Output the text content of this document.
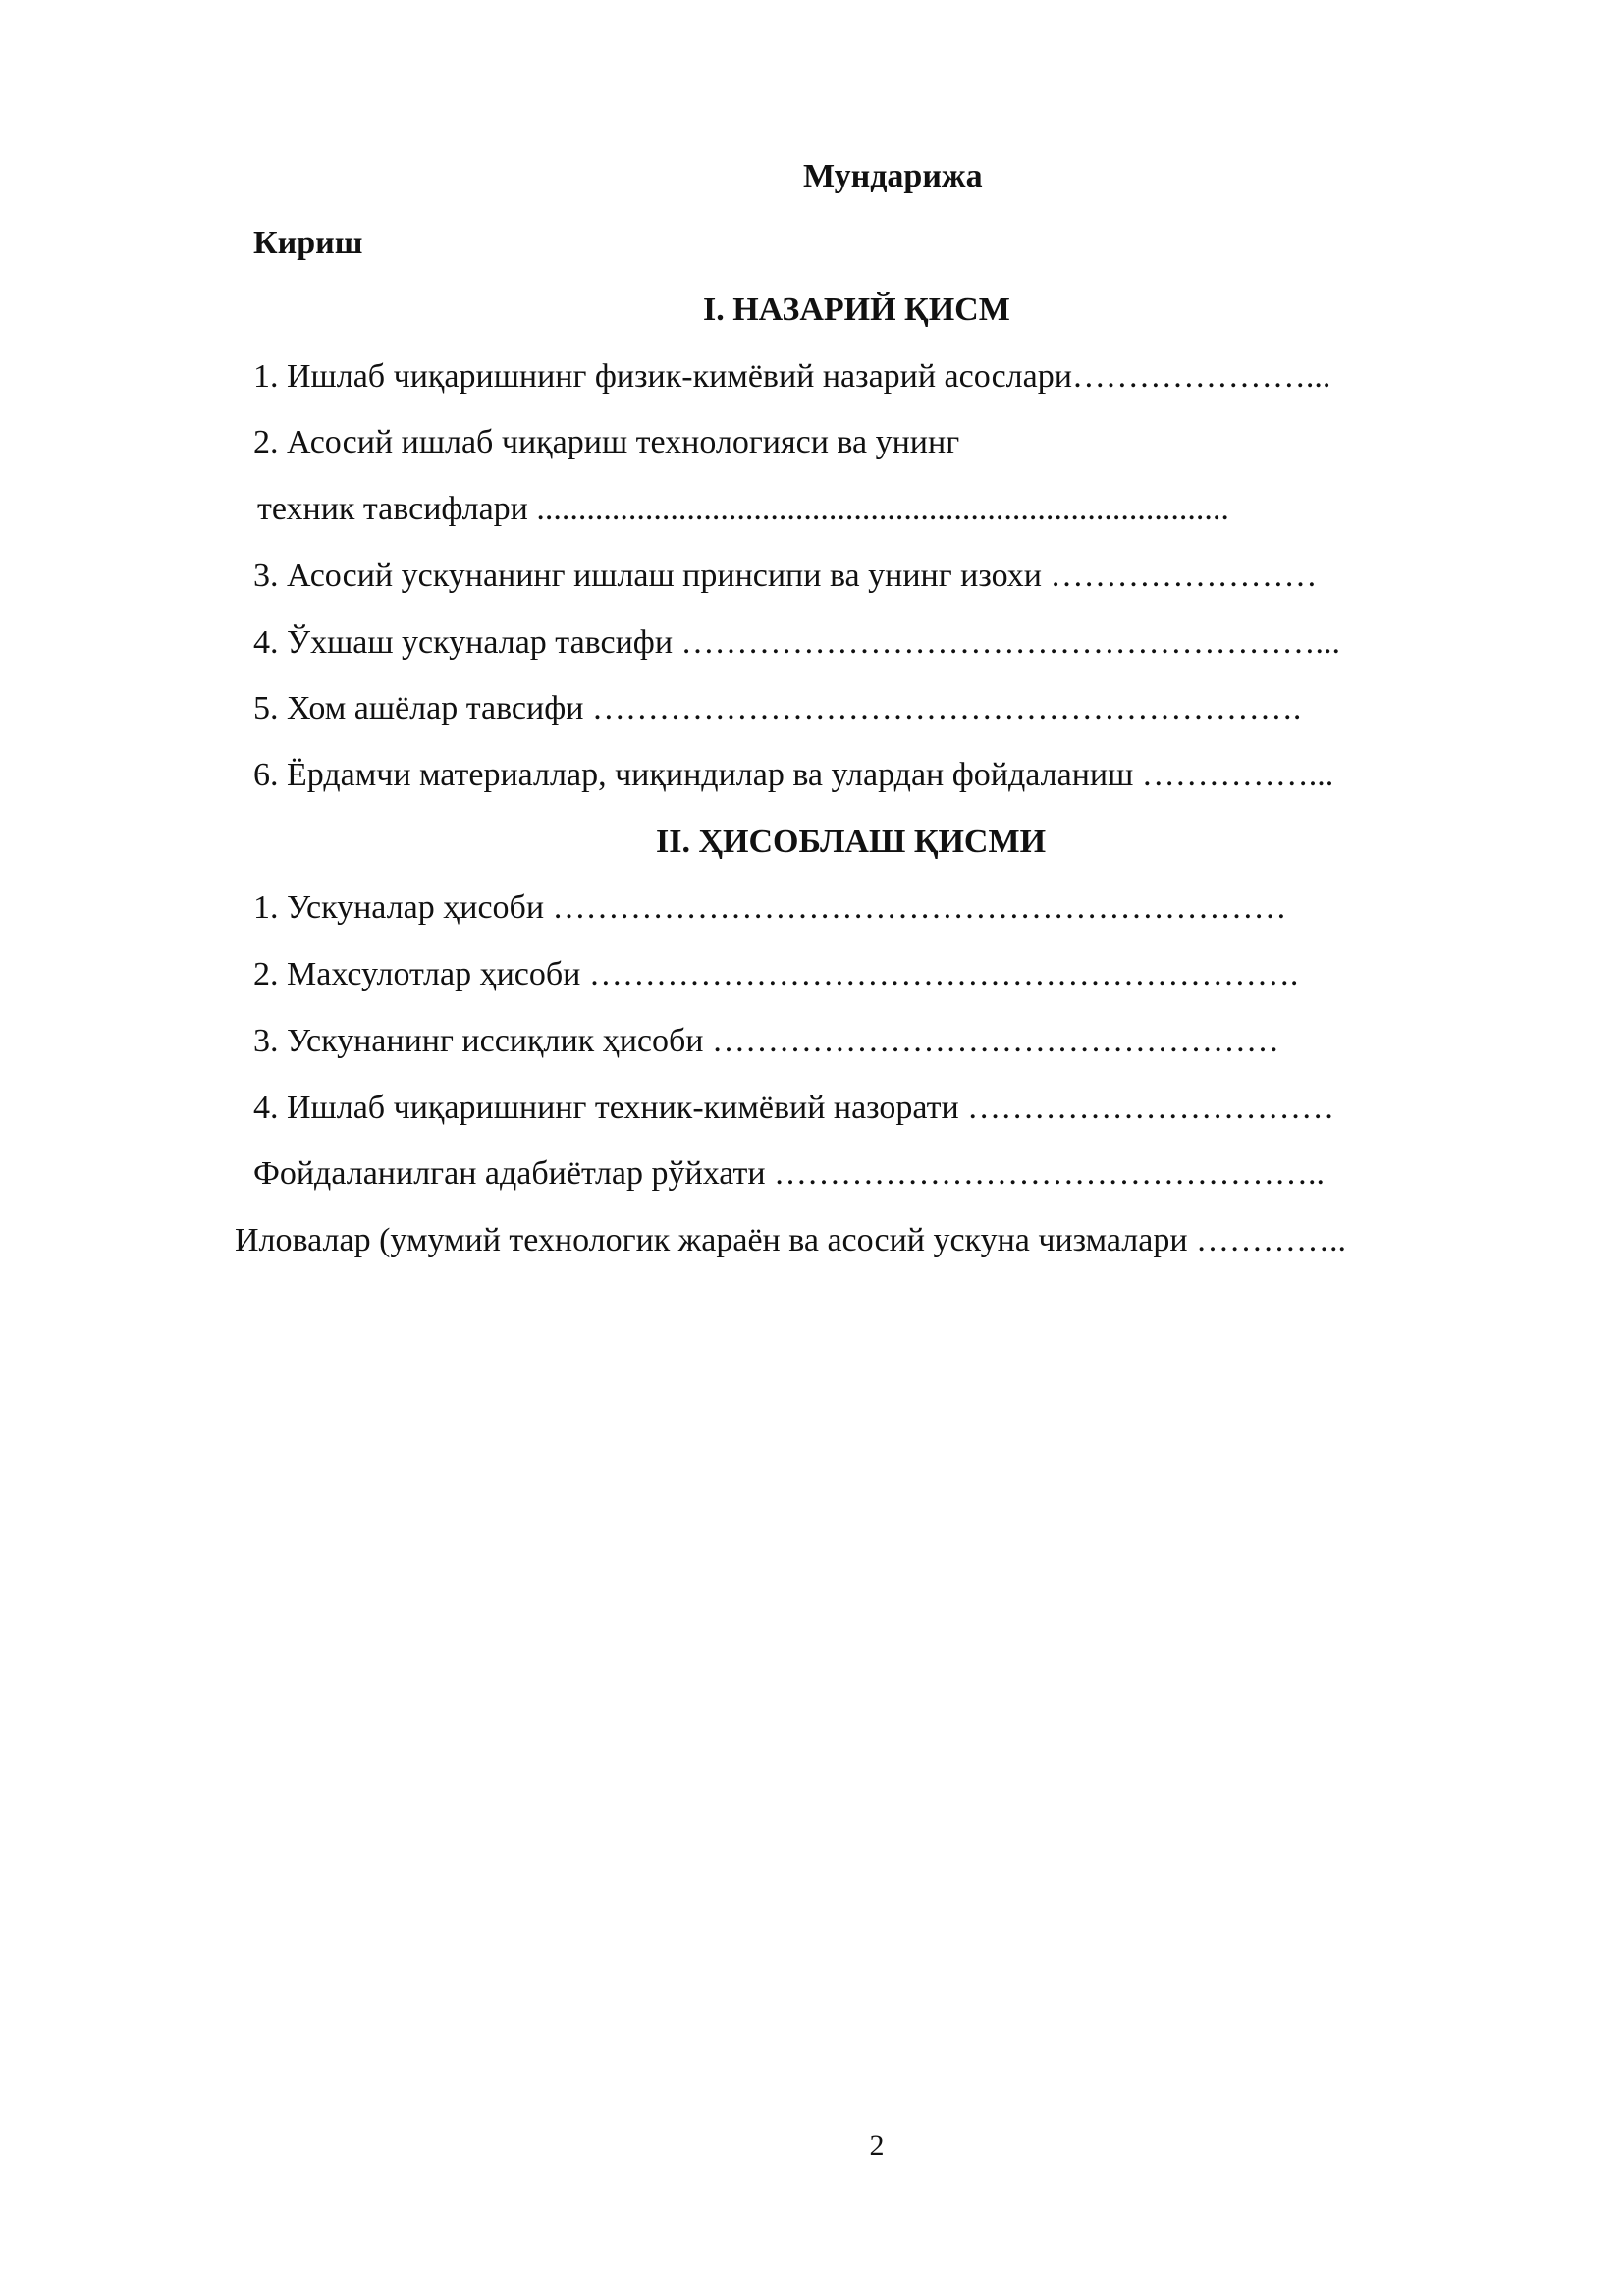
Мундарижа
Кириш
I. НАЗАРИЙ ҚИСМ
1. Ишлаб чиқаришнинг физик-кимёвий назарий асослари…………………...
2. Асосий ишлаб чиқариш технологияси ва унинг
техник тавсифлари ...................................................................................
3. Асосий ускунанинг ишлаш принсипи ва унинг изохи ……………………
4. Ўхшаш ускуналар тавсифи …………………………………………………...
5. Хом ашёлар тавсифи ……………………………………………………….
6. Ёрдамчи материаллар, чиқиндилар ва улардан фойдаланиш ……………...
II. ҲИСОБЛАШ ҚИСМИ
1. Ускуналар ҳисоби …………………………………………………………
2. Махсулотлар ҳисоби ……………………………………………………….
3. Ускунанинг иссиқлик ҳисоби ……………………………………………
4. Ишлаб чиқаришнинг техник-кимёвий назорати ……………………………
Фойдаланилган адабиётлар рўйхати …………………………………………..
Иловалар (умумий технологик жараён ва асосий ускуна чизмалари …………..
2
